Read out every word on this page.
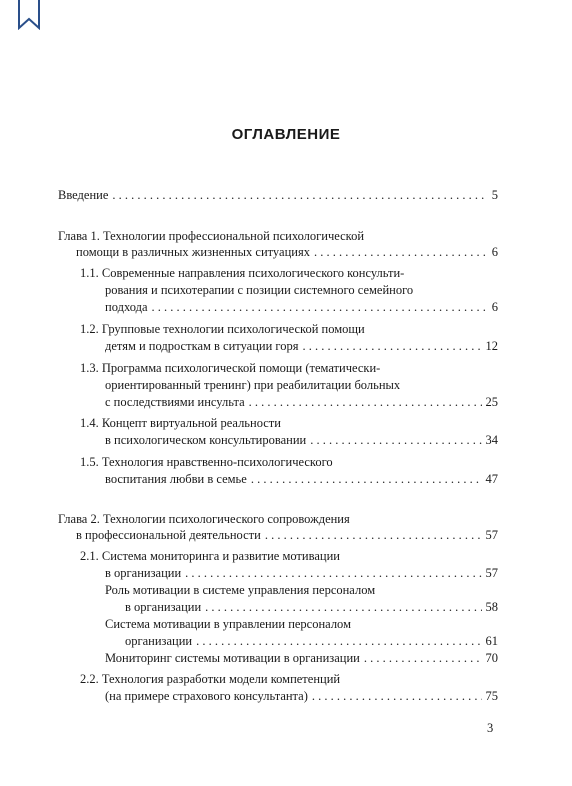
ОГЛАВЛЕНИЕ
Введение . . .	5
Глава 1. Технологии профессиональной психологической
помощи в различных жизненных ситуациях . . .	6
1.1. Современные направления психологического консульти-
рования и психотерапии с позиции системного семейного
подхода . . .	6
1.2. Групповые технологии психологической помощи
детям и подросткам в ситуации горя . . .	12
1.3. Программа психологической помощи (тематически-
ориентированный тренинг) при реабилитации больных
с последствиями инсульта . . .	25
1.4. Концепт виртуальной реальности
в психологическом консультировании . . .	34
1.5. Технология нравственно-психологического
воспитания любви в семье . . .	47
Глава 2. Технологии психологического сопровождения
в профессиональной деятельности . . .	57
2.1. Система мониторинга и развитие мотивации
в организации . . .	57
Роль мотивации в системе управления персоналом
в организации . . .	58
Система мотивации в управлении персоналом
организации . . .	61
Мониторинг системы мотивации в организации . . .	70
2.2. Технология разработки модели компетенций
(на примере страхового консультанта) . . .	75
3
